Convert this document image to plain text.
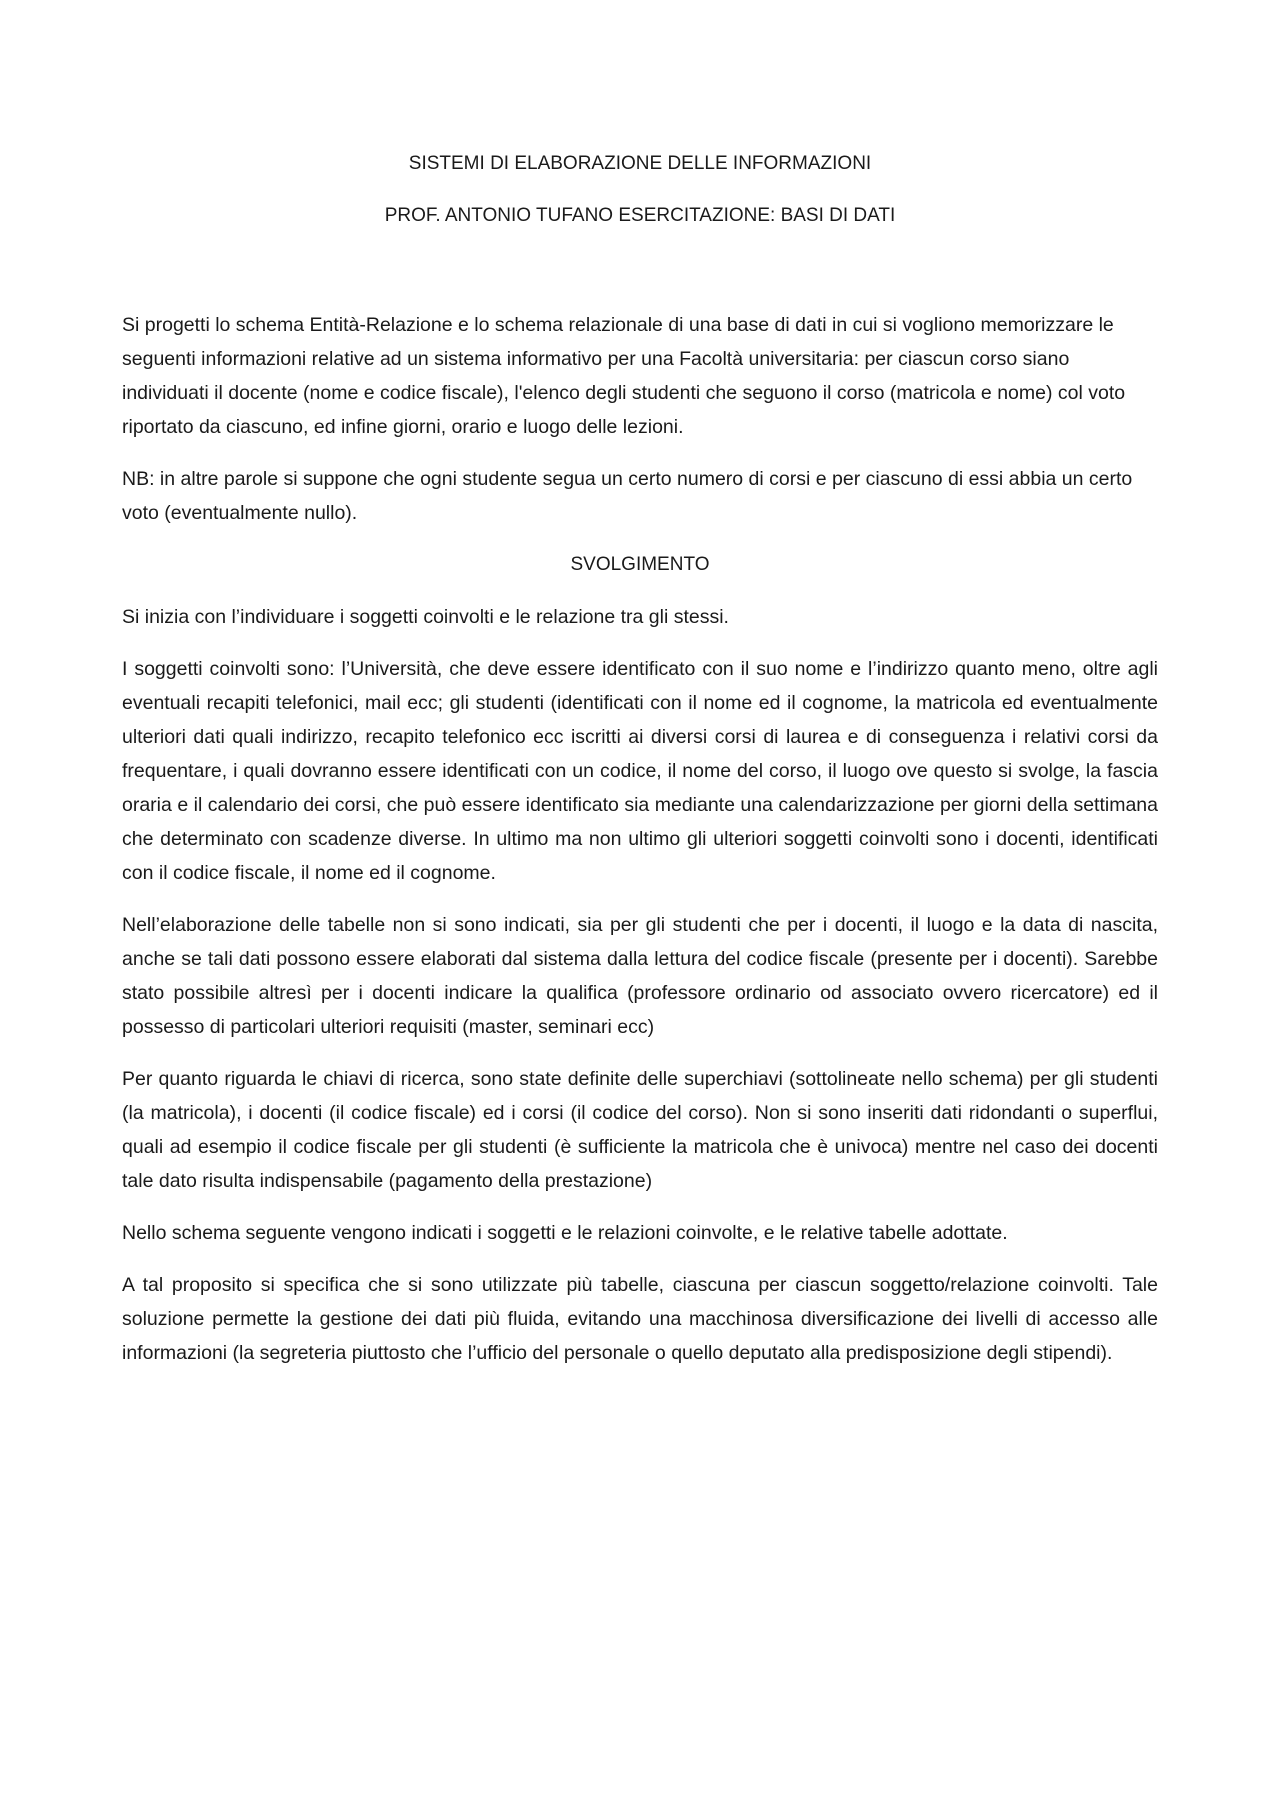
SISTEMI DI ELABORAZIONE DELLE INFORMAZIONI

PROF. ANTONIO TUFANO ESERCITAZIONE: BASI DI DATI

Si progetti lo schema Entità-Relazione e lo schema relazionale di una base di dati in cui si vogliono memorizzare le seguenti informazioni relative ad un sistema informativo per una Facoltà universitaria: per ciascun corso siano individuati il docente (nome e codice fiscale), l'elenco degli studenti che seguono il corso (matricola e nome) col voto riportato da ciascuno, ed infine giorni, orario e luogo delle lezioni.

NB: in altre parole si suppone che ogni studente segua un certo numero di corsi e per ciascuno di essi abbia un certo voto (eventualmente nullo).

SVOLGIMENTO

Si inizia con l’individuare i soggetti coinvolti e le relazione tra gli stessi.

I soggetti coinvolti sono: l’Università, che deve essere identificato con il suo nome e l’indirizzo quanto meno, oltre agli eventuali recapiti telefonici, mail ecc; gli studenti (identificati con il nome ed il cognome, la matricola ed eventualmente ulteriori dati quali indirizzo, recapito telefonico ecc iscritti ai diversi corsi di laurea e di conseguenza i relativi corsi da frequentare, i quali dovranno essere identificati con un codice, il nome del corso, il luogo ove questo si svolge, la fascia oraria e il calendario dei corsi, che può essere identificato sia mediante una calendarizzazione per giorni della settimana che determinato con scadenze diverse. In ultimo ma non ultimo gli ulteriori soggetti coinvolti sono i docenti, identificati con il codice fiscale, il nome ed il cognome.

Nell’elaborazione delle tabelle non si sono indicati, sia per gli studenti che per i docenti, il luogo e la data di nascita, anche se tali dati possono essere elaborati dal sistema dalla lettura del codice fiscale (presente per i docenti). Sarebbe stato possibile altresì per i docenti indicare la qualifica (professore ordinario od associato ovvero ricercatore) ed il possesso di particolari ulteriori requisiti (master, seminari ecc)

Per quanto riguarda le chiavi di ricerca, sono state definite delle superchiavi (sottolineate nello schema) per gli studenti (la matricola), i docenti (il codice fiscale) ed i corsi (il codice del corso). Non si sono inseriti dati ridondanti o superflui, quali ad esempio il codice fiscale per gli studenti (è sufficiente la matricola che è univoca) mentre nel caso dei docenti tale dato risulta indispensabile (pagamento della prestazione)

Nello schema seguente vengono indicati i soggetti e le relazioni coinvolte, e le relative tabelle adottate.

A tal proposito si specifica che si sono utilizzate più tabelle, ciascuna per ciascun soggetto/relazione coinvolti. Tale soluzione permette la gestione dei dati più fluida, evitando una macchinosa diversificazione dei livelli di accesso alle informazioni (la segreteria piuttosto che l’ufficio del personale o quello deputato alla predisposizione degli stipendi).
